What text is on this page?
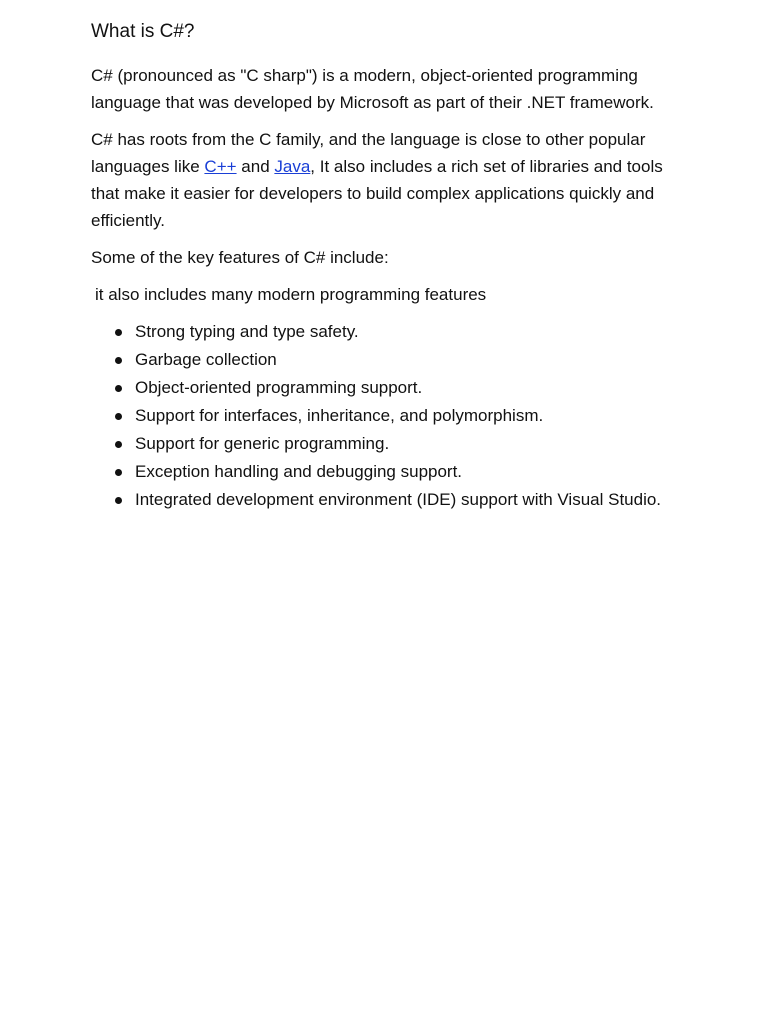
What is C#?

C# (pronounced as "C sharp") is a modern, object-oriented programming language that was developed by Microsoft as part of their .NET framework.

C# has roots from the C family, and the language is close to other popular languages like C++ and Java, It also includes a rich set of libraries and tools that make it easier for developers to build complex applications quickly and efficiently.

Some of the key features of C# include:

it also includes many modern programming features

Strong typing and type safety.
Garbage collection
Object-oriented programming support.
Support for interfaces, inheritance, and polymorphism.
Support for generic programming.
Exception handling and debugging support.
Integrated development environment (IDE) support with Visual Studio.
